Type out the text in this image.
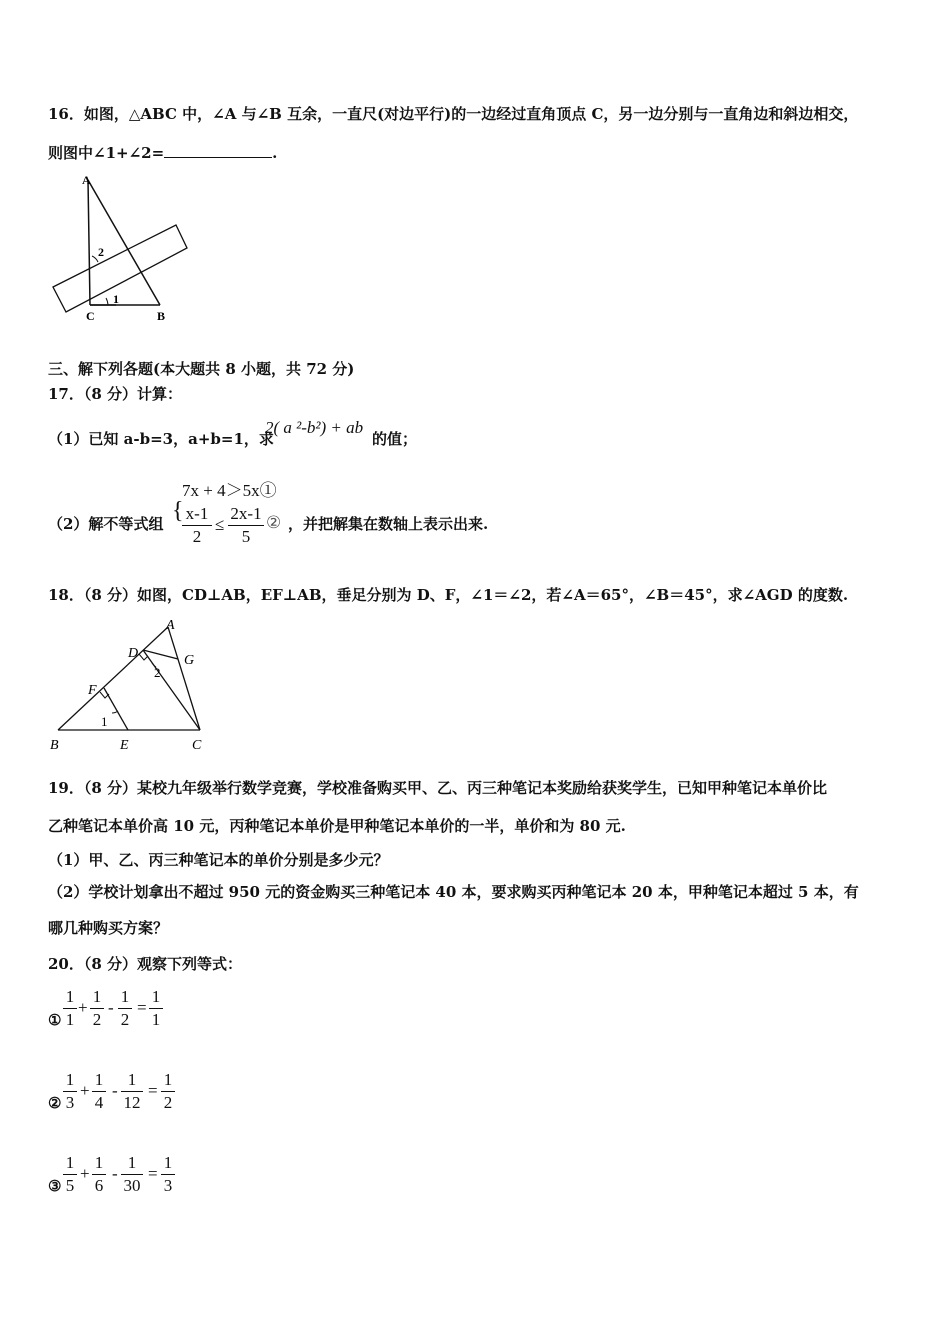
16．如图，△ABC 中，∠A 与∠B 互余，一直尺(对边平行)的一边经过直角顶点 C，另一边分别与一直角边和斜边相交，
则图中∠1+∠2=	.
A
2
1
C	B
三、解下列各题(本大题共 8 小题，共 72 分)
17．（8 分）计算：
（1）已知 a-b=3，a+b=1，求
2( a ²-b²) + ab
的值；
7x + 4＞5x①
（2）解不等式组 { x-1
2
≤
2x-1
5
② ，并把解集在数轴上表示出来.
18．（8 分）如图，CD⊥AB，EF⊥AB，垂足分别为 D、F，∠1＝∠2，若∠A＝65°，∠B＝45°，求∠AGD 的度数.
A
D	G
2
F
1
B	E	C
19．（8 分）某校九年级举行数学竞赛，学校准备购买甲、乙、丙三种笔记本奖励给获奖学生，已知甲种笔记本单价比
乙种笔记本单价高 10 元，丙种笔记本单价是甲种笔记本单价的一半，单价和为 80 元.
（1）甲、乙、丙三种笔记本的单价分别是多少元？
（2）学校计划拿出不超过 950 元的资金购买三种笔记本 40 本，要求购买丙种笔记本 20 本，甲种笔记本超过 5 本，有
哪几种购买方案？
20．（8 分）观察下列等式：
①
1
1
+
1
2
-
1
2
=
1
1
②
1
3
+
1
4
-
1
12
=
1
2
③
1
5
+
1
6
-
1
30
=
1
3
